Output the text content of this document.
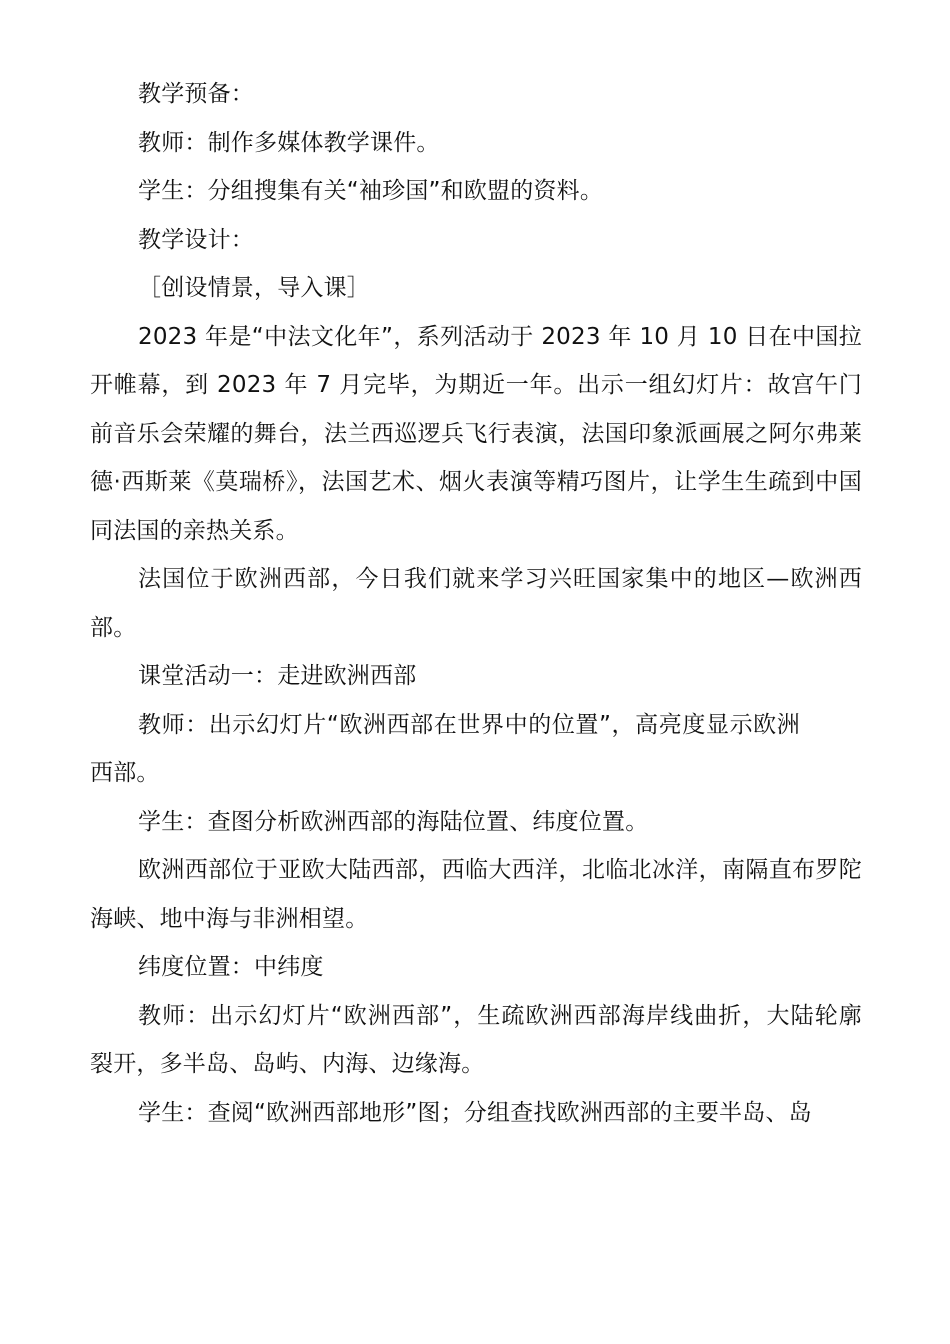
教学预备：

教师：制作多媒体教学课件。

学生：分组搜集有关“袖珍国”和欧盟的资料。

教学设计：

［创设情景，导入课］

2023 年是“中法文化年”，系列活动于 2023 年 10 月 10 日在中国拉开帷幕，到 2023 年 7 月完毕，为期近一年。出示一组幻灯片：故宫午门前音乐会荣耀的舞台，法兰西巡逻兵飞行表演，法国印象派画展之阿尔弗莱德·西斯莱《莫瑞桥》，法国艺术、烟火表演等精巧图片，让学生生疏到中国同法国的亲热关系。

法国位于欧洲西部，今日我们就来学习兴旺国家集中的地区—欧洲西部。

课堂活动一：走进欧洲西部

教师：出示幻灯片“欧洲西部在世界中的位置”，高亮度显示欧洲西部。

学生：查图分析欧洲西部的海陆位置、纬度位置。

欧洲西部位于亚欧大陆西部，西临大西洋，北临北冰洋，南隔直布罗陀海峡、地中海与非洲相望。

纬度位置：中纬度

教师：出示幻灯片“欧洲西部”，生疏欧洲西部海岸线曲折，大陆轮廓 裂开，多半岛、岛屿、内海、边缘海。

学生：查阅“欧洲西部地形”图；分组查找欧洲西部的主要半岛、岛
